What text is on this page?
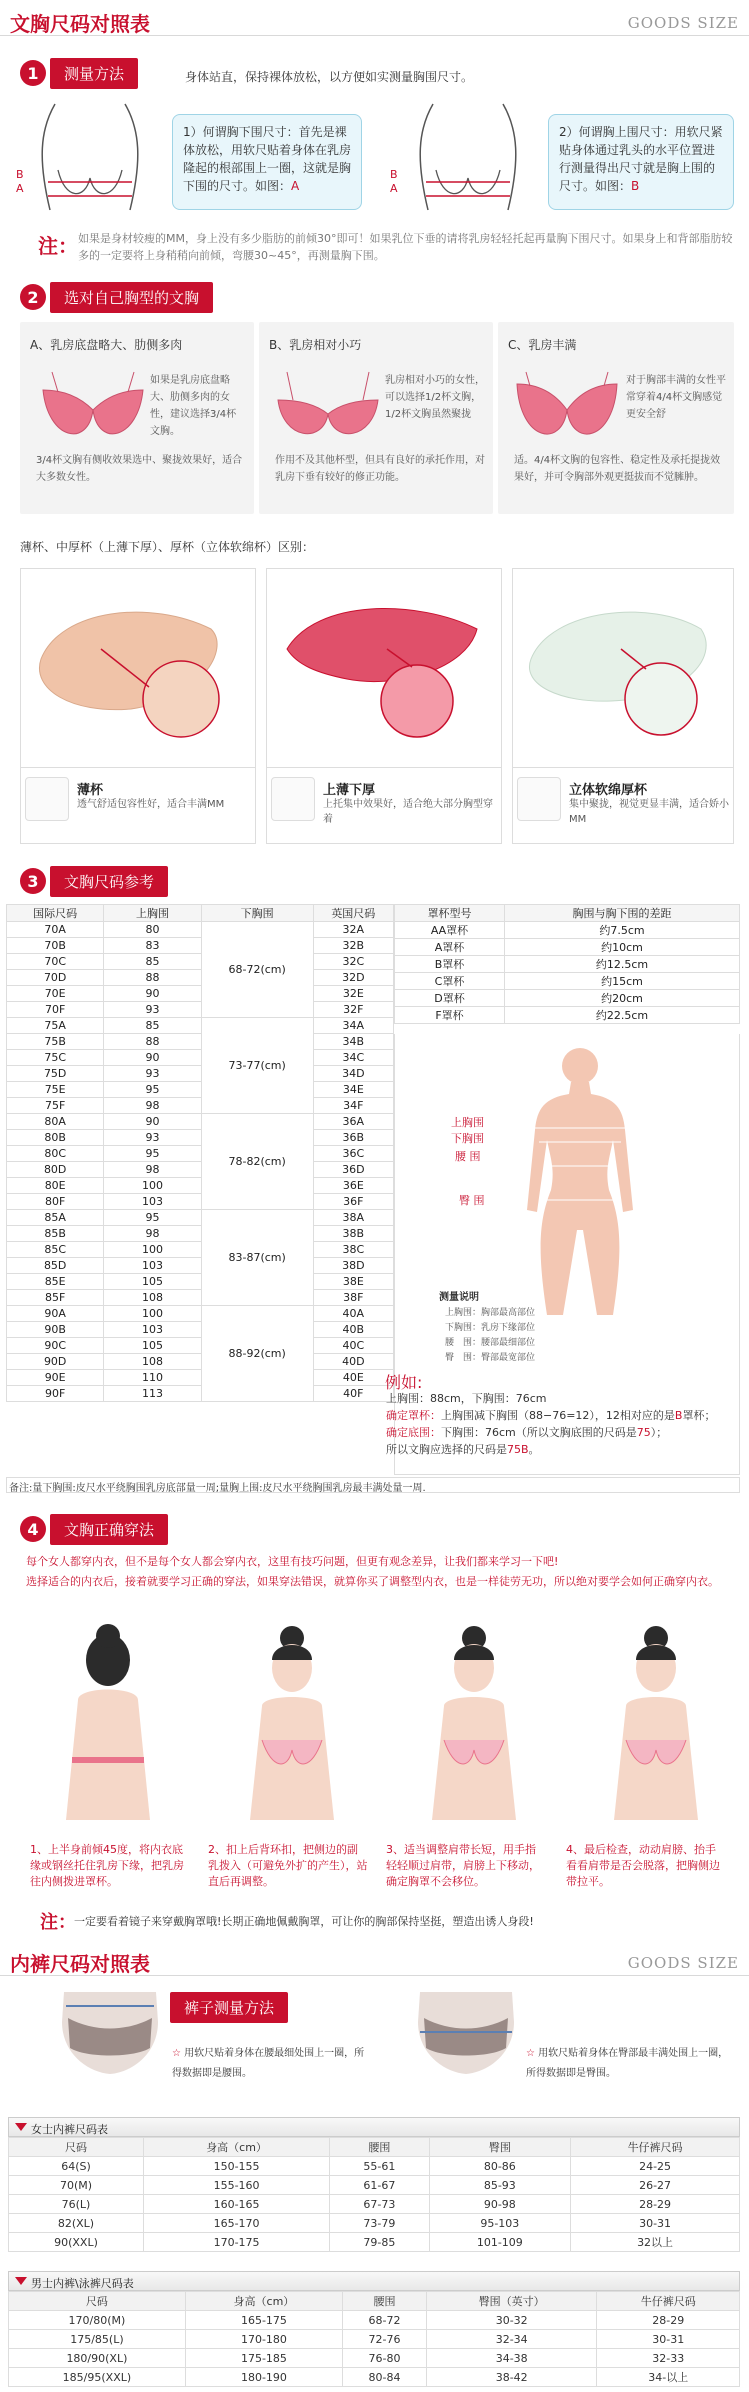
文胸尺码对照表	GOODS SIZE
1	测量方法	身体站直，保持裸体放松，以方便如实测量胸围尺寸。
B
A
1）何谓胸下围尺寸：首先是裸体放松，用软尺贴着身体在乳房隆起的根部围上一圈，这就是胸下围的尺寸。如图：A
B
A
2）何谓胸上围尺寸：用软尺紧贴身体通过乳头的水平位置进行测量得出尺寸就是胸上围的尺寸。如图：B
注： 如果是身材较瘦的MM，身上没有多少脂肪的前倾30°即可！如果乳位下垂的请将乳房轻轻托起再量胸下围尺寸。如果身上和背部脂肪较多的一定要将上身稍稍向前倾，弯腰30~45°，再测量胸下围。
2	选对自己胸型的文胸
A、乳房底盘略大、肋侧多肉
如果是乳房底盘略大、肋侧多肉的女性，建议选择3/4杯文胸。
3/4杯文胸有侧收效果选中、聚拢效果好，适合大多数女性。
B、乳房相对小巧
乳房相对小巧的女性，可以选择1/2杯文胸，1/2杯文胸虽然聚拢
作用不及其他杯型，但具有良好的承托作用，对乳房下垂有较好的修正功能。
C、乳房丰满
对于胸部丰满的女性平常穿着4/4杯文胸感觉更安全舒
适。4/4杯文胸的包容性、稳定性及承托提拢效果好，并可令胸部外观更挺拔而不觉臃肿。
薄杯、中厚杯（上薄下厚）、厚杯（立体软绵杯）区别：
薄杯
透气舒适包容性好，适合丰满MM
上薄下厚
上托集中效果好，适合绝大部分胸型穿着
立体软绵厚杯
集中聚拢，视觉更显丰满，适合娇小MM
3	文胸尺码参考
国际尺码	上胸围	下胸围	英国尺码
70A	80	68-72(cm)	32A
70B	83		32B
70C	85		32C
70D	88		32D
70E	90		32E
70F	93		32F
75A	85	73-77(cm)	34A
75B	88		34B
75C	90		34C
75D	93		34D
75E	95		34E
75F	98		34F
80A	90	78-82(cm)	36A
80B	93		36B
80C	95		36C
80D	98		36D
80E	100		36E
80F	103		36F
85A	95	83-87(cm)	38A
85B	98		38B
85C	100		38C
85D	103		38D
85E	105		38E
85F	108		38F
90A	100	88-92(cm)	40A
90B	103		40B
90C	105		40C
90D	108		40D
90E	110		40E
90F	113		40F
罩杯型号	胸围与胸下围的差距
AA罩杯	约7.5cm
A罩杯	约10cm
B罩杯	约12.5cm
C罩杯	约15cm
D罩杯	约20cm
F罩杯	约22.5cm
上胸围
下胸围
腰 围
臀 围
测量说明
上胸围：胸部最高部位
下胸围：乳房下缘部位
腰　围：腰部最细部位
臀　围：臀部最宽部位
例如:
上胸围：88cm，下胸围：76cm
确定罩杯：上胸围减下胸围（88−76=12），12相对应的是B罩杯；
确定底围：下胸围：76cm（所以文胸底围的尺码是75）；
所以文胸应选择的尺码是75B。
备注:量下胸围:皮尺水平绕胸围乳房底部量一周;量胸上围:皮尺水平绕胸围乳房最丰满处量一周.
4	文胸正确穿法
每个女人都穿内衣，但不是每个女人都会穿内衣，这里有技巧问题，但更有观念差异，让我们都来学习一下吧!
选择适合的内衣后，接着就要学习正确的穿法，如果穿法错误，就算你买了调整型内衣，也是一样徒劳无功，所以绝对要学会如何正确穿内衣。
1、上半身前倾45度，将内衣底缘或钢丝托住乳房下缘，把乳房往内侧拨进罩杯。
2、扣上后背环扣，把侧边的副乳拨入（可避免外扩的产生），站直后再调整。
3、适当调整肩带长短，用手指轻轻顺过肩带，肩膀上下移动，确定胸罩不会移位。
4、最后检查，动动肩膀、抬手看看肩带是否会脱落，把胸侧边带拉平。
注：
一定要看着镜子来穿戴胸罩哦!长期正确地佩戴胸罩，可让你的胸部保持坚挺，塑造出诱人身段!
内裤尺码对照表	GOODS SIZE
裤子测量方法
☆ 用软尺贴着身体在腰最细处围上一圈，所得数据即是腰围。
☆ 用软尺贴着身体在臀部最丰满处围上一圈，所得数据即是臀围。
女士内裤尺码表
尺码	身高（cm）	腰围	臀围	牛仔裤尺码
64(S)	150-155	55-61	80-86	24-25
70(M)	155-160	61-67	85-93	26-27
76(L)	160-165	67-73	90-98	28-29
82(XL)	165-170	73-79	95-103	30-31
90(XXL)	170-175	79-85	101-109	32以上
男士内裤\泳裤尺码表
尺码	身高（cm）	腰围	臀围（英寸）	牛仔裤尺码
170/80(M)	165-175	68-72	30-32	28-29
175/85(L)	170-180	72-76	32-34	30-31
180/90(XL)	175-185	76-80	34-38	32-33
185/95(XXL)	180-190	80-84	38-42	34-以上
